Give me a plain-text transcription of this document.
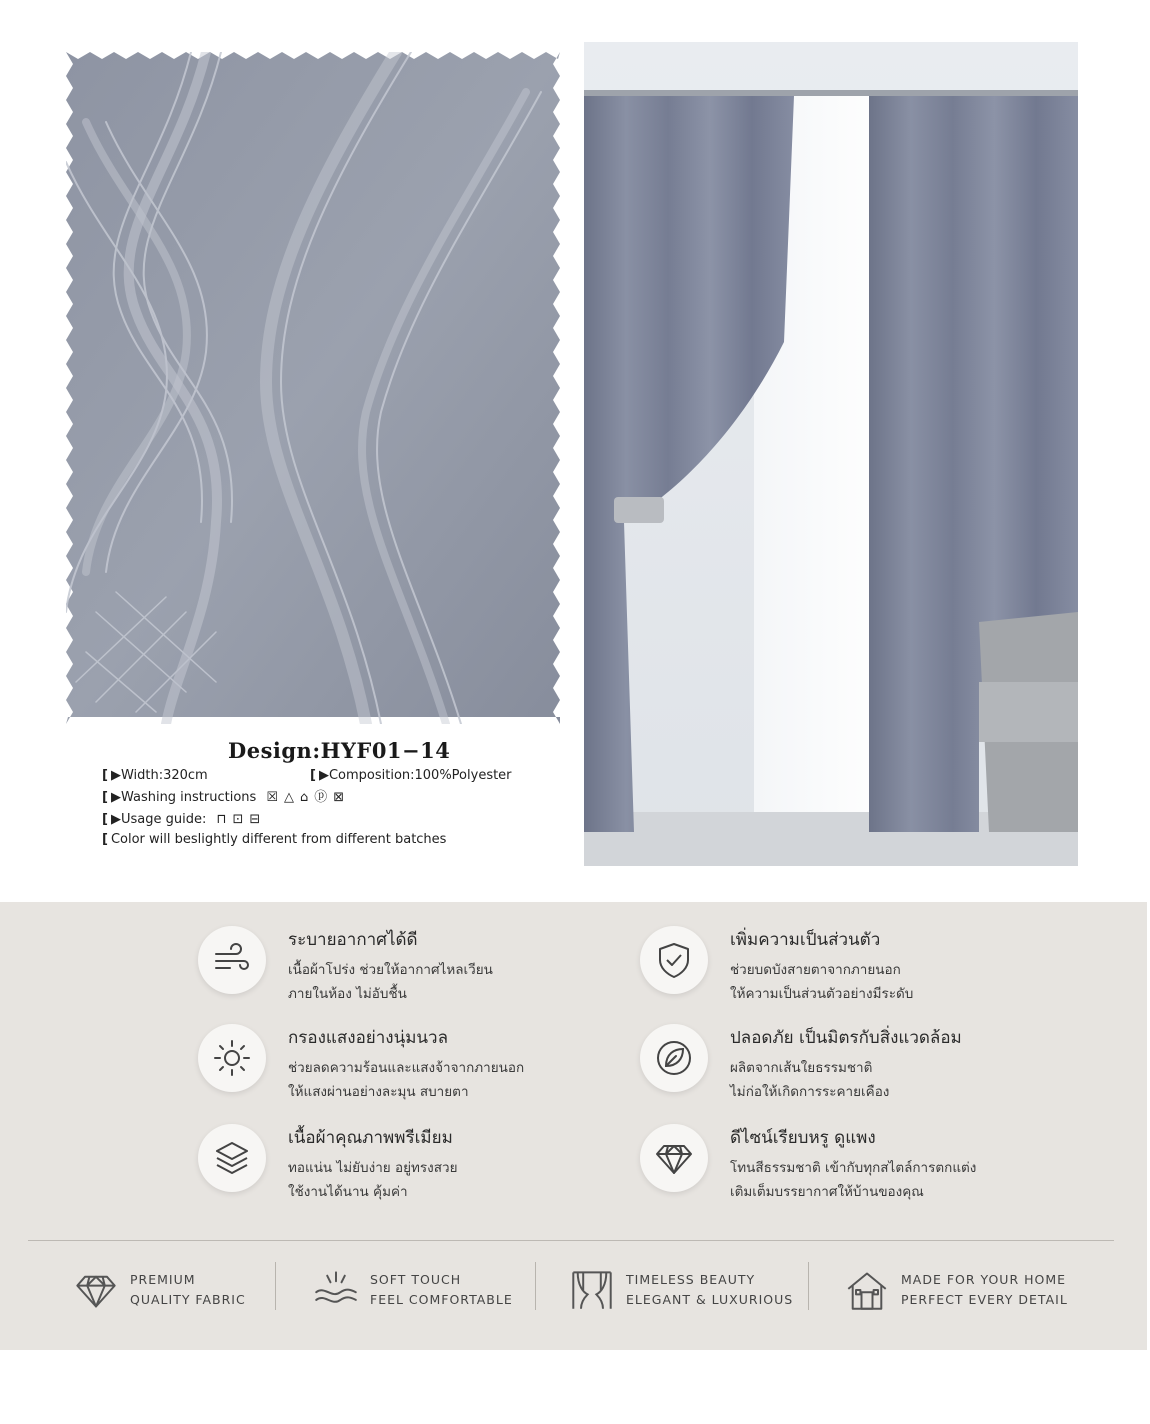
Design:HYF01−14
[ ▶Width:320cm	[ ▶Composition:100%Polyester
[ ▶Washing instructions ☒△⌂ⓟ⊠
[ ▶Usage guide: ⊓⊡⊟
[ Color will beslightly different from different batches
ระบายอากาศได้ดี
เนื้อผ้าโปร่ง ช่วยให้อากาศไหลเวียน
ภายในห้อง ไม่อับชื้น
เพิ่มความเป็นส่วนตัว
ช่วยบดบังสายตาจากภายนอก
ให้ความเป็นส่วนตัวอย่างมีระดับ
กรองแสงอย่างนุ่มนวล
ช่วยลดความร้อนและแสงจ้าจากภายนอก
ให้แสงผ่านอย่างละมุน สบายตา
ปลอดภัย เป็นมิตรกับสิ่งแวดล้อม
ผลิตจากเส้นใยธรรมชาติ
ไม่ก่อให้เกิดการระคายเคือง
เนื้อผ้าคุณภาพพรีเมียม
ทอแน่น ไม่ยับง่าย อยู่ทรงสวย
ใช้งานได้นาน คุ้มค่า
ดีไซน์เรียบหรู ดูแพง
โทนสีธรรมชาติ เข้ากับทุกสไตล์การตกแต่ง
เติมเต็มบรรยากาศให้บ้านของคุณ
PREMIUM
QUALITY FABRIC
SOFT TOUCH
FEEL COMFORTABLE
TIMELESS BEAUTY
ELEGANT & LUXURIOUS
MADE FOR YOUR HOME
PERFECT EVERY DETAIL
